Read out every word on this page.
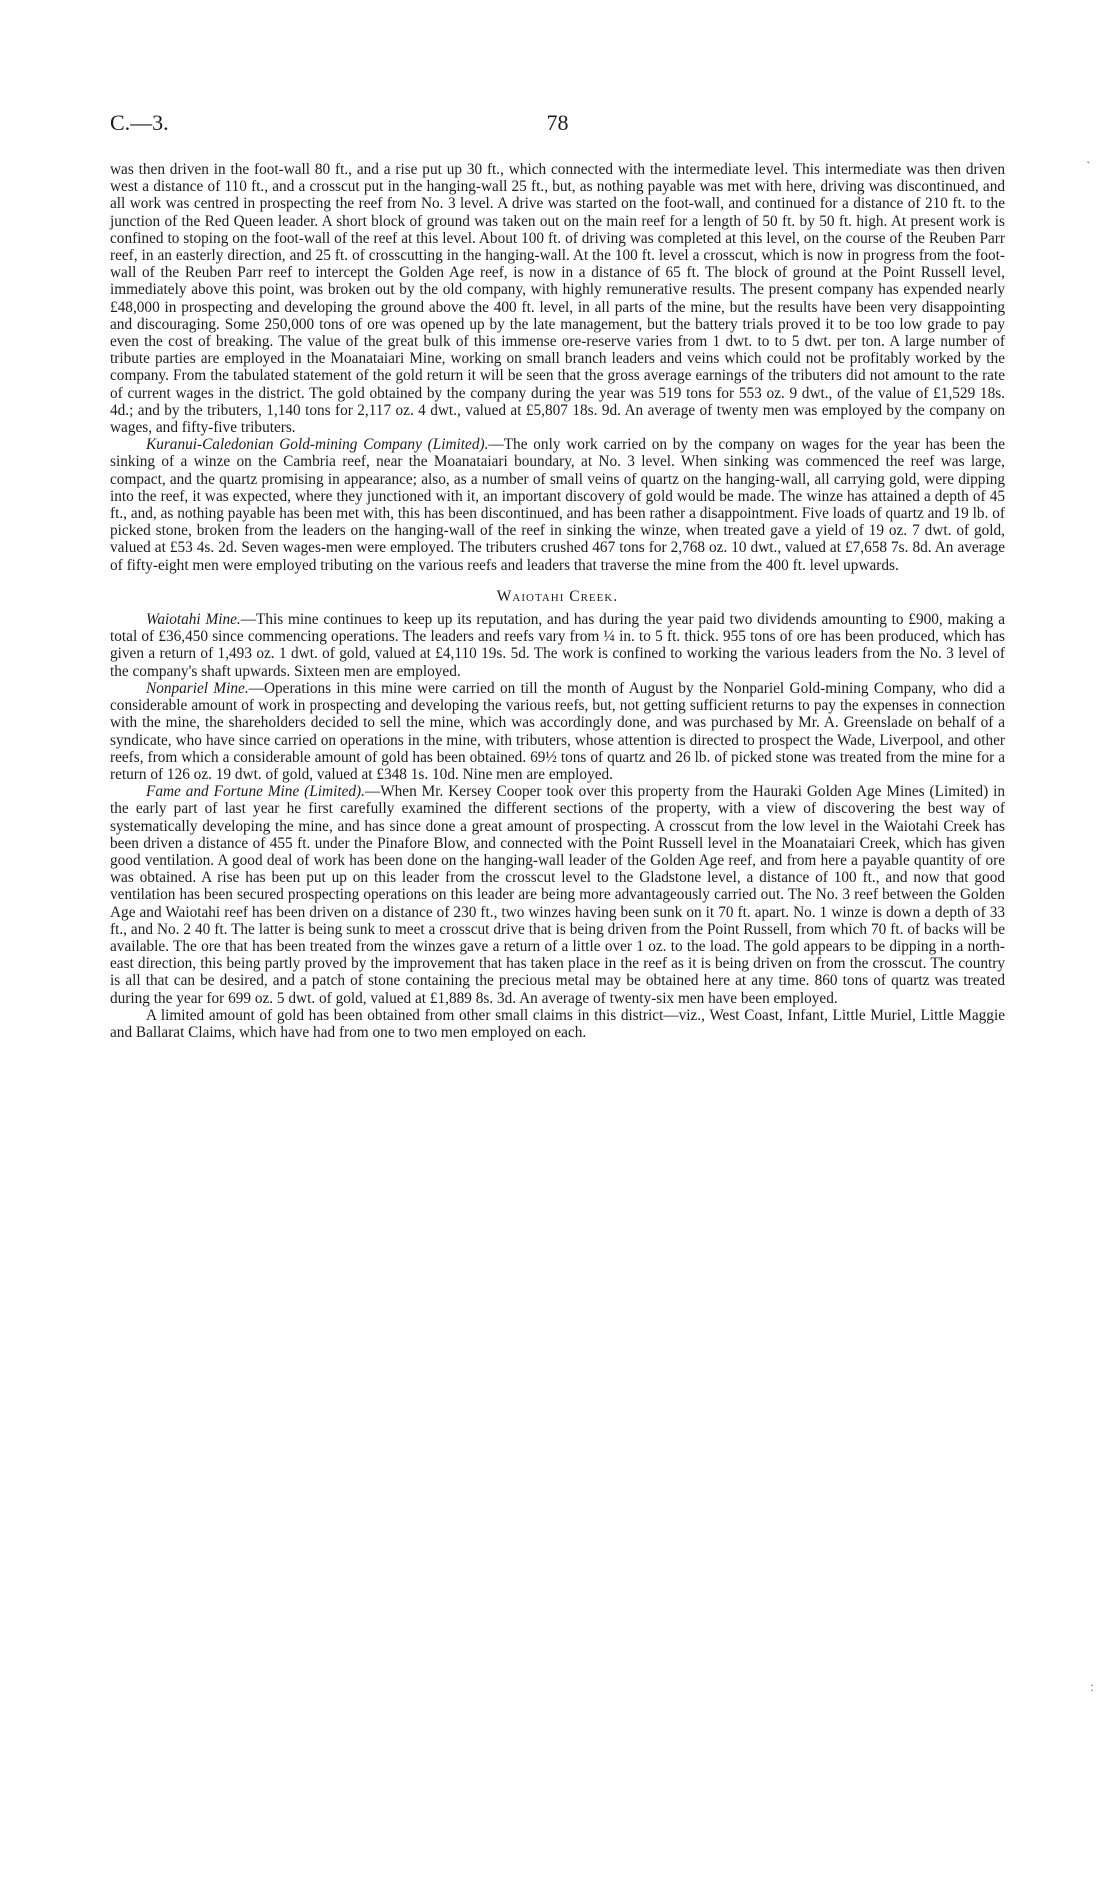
C.—3.	78

was then driven in the foot-wall 80 ft., and a rise put up 30 ft., which connected with the intermediate level. This intermediate was then driven west a distance of 110 ft., and a crosscut put in the hanging-wall 25 ft., but, as nothing payable was met with here, driving was discontinued, and all work was centred in prospecting the reef from No. 3 level. A drive was started on the foot-wall, and continued for a distance of 210 ft. to the junction of the Red Queen leader. A short block of ground was taken out on the main reef for a length of 50 ft. by 50 ft. high. At present work is confined to stoping on the foot-wall of the reef at this level. About 100 ft. of driving was completed at this level, on the course of the Reuben Parr reef, in an easterly direction, and 25 ft. of crosscutting in the hanging-wall. At the 100 ft. level a crosscut, which is now in progress from the foot-wall of the Reuben Parr reef to intercept the Golden Age reef, is now in a distance of 65 ft. The block of ground at the Point Russell level, immediately above this point, was broken out by the old company, with highly remunerative results. The present company has expended nearly £48,000 in prospecting and developing the ground above the 400 ft. level, in all parts of the mine, but the results have been very disappointing and discouraging. Some 250,000 tons of ore was opened up by the late management, but the battery trials proved it to be too low grade to pay even the cost of breaking. The value of the great bulk of this immense ore-reserve varies from 1 dwt. to to 5 dwt. per ton. A large number of tribute parties are employed in the Moanataiari Mine, working on small branch leaders and veins which could not be profitably worked by the company. From the tabulated statement of the gold return it will be seen that the gross average earnings of the tributers did not amount to the rate of current wages in the district. The gold obtained by the company during the year was 519 tons for 553 oz. 9 dwt., of the value of £1,529 18s. 4d.; and by the tributers, 1,140 tons for 2,117 oz. 4 dwt., valued at £5,807 18s. 9d. An average of twenty men was employed by the company on wages, and fifty-five tributers.

Kuranui-Caledonian Gold-mining Company (Limited).—The only work carried on by the company on wages for the year has been the sinking of a winze on the Cambria reef, near the Moanataiari boundary, at No. 3 level. When sinking was commenced the reef was large, compact, and the quartz promising in appearance; also, as a number of small veins of quartz on the hanging-wall, all carrying gold, were dipping into the reef, it was expected, where they junctioned with it, an important discovery of gold would be made. The winze has attained a depth of 45 ft., and, as nothing payable has been met with, this has been discontinued, and has been rather a disappointment. Five loads of quartz and 19 lb. of picked stone, broken from the leaders on the hanging-wall of the reef in sinking the winze, when treated gave a yield of 19 oz. 7 dwt. of gold, valued at £53 4s. 2d. Seven wages-men were employed. The tributers crushed 467 tons for 2,768 oz. 10 dwt., valued at £7,658 7s. 8d. An average of fifty-eight men were employed tributing on the various reefs and leaders that traverse the mine from the 400 ft. level upwards.

Waiotahi Creek.

Waiotahi Mine.—This mine continues to keep up its reputation, and has during the year paid two dividends amounting to £900, making a total of £36,450 since commencing operations. The leaders and reefs vary from ¼ in. to 5 ft. thick. 955 tons of ore has been produced, which has given a return of 1,493 oz. 1 dwt. of gold, valued at £4,110 19s. 5d. The work is confined to working the various leaders from the No. 3 level of the company's shaft upwards. Sixteen men are employed.

Nonpariel Mine.—Operations in this mine were carried on till the month of August by the Nonpariel Gold-mining Company, who did a considerable amount of work in prospecting and developing the various reefs, but, not getting sufficient returns to pay the expenses in connection with the mine, the shareholders decided to sell the mine, which was accordingly done, and was purchased by Mr. A. Greenslade on behalf of a syndicate, who have since carried on operations in the mine, with tributers, whose attention is directed to prospect the Wade, Liverpool, and other reefs, from which a considerable amount of gold has been obtained. 69½ tons of quartz and 26 lb. of picked stone was treated from the mine for a return of 126 oz. 19 dwt. of gold, valued at £348 1s. 10d. Nine men are employed.

Fame and Fortune Mine (Limited).—When Mr. Kersey Cooper took over this property from the Hauraki Golden Age Mines (Limited) in the early part of last year he first carefully examined the different sections of the property, with a view of discovering the best way of systematically developing the mine, and has since done a great amount of prospecting. A crosscut from the low level in the Waiotahi Creek has been driven a distance of 455 ft. under the Pinafore Blow, and connected with the Point Russell level in the Moanataiari Creek, which has given good ventilation. A good deal of work has been done on the hanging-wall leader of the Golden Age reef, and from here a payable quantity of ore was obtained. A rise has been put up on this leader from the crosscut level to the Gladstone level, a distance of 100 ft., and now that good ventilation has been secured prospecting operations on this leader are being more advantageously carried out. The No. 3 reef between the Golden Age and Waiotahi reef has been driven on a distance of 230 ft., two winzes having been sunk on it 70 ft. apart. No. 1 winze is down a depth of 33 ft., and No. 2 40 ft. The latter is being sunk to meet a crosscut drive that is being driven from the Point Russell, from which 70 ft. of backs will be available. The ore that has been treated from the winzes gave a return of a little over 1 oz. to the load. The gold appears to be dipping in a north-east direction, this being partly proved by the improvement that has taken place in the reef as it is being driven on from the crosscut. The country is all that can be desired, and a patch of stone containing the precious metal may be obtained here at any time. 860 tons of quartz was treated during the year for 699 oz. 5 dwt. of gold, valued at £1,889 8s. 3d. An average of twenty-six men have been employed.

A limited amount of gold has been obtained from other small claims in this district—viz., West Coast, Infant, Little Muriel, Little Maggie and Ballarat Claims, which have had from one to two men employed on each.

`
:
